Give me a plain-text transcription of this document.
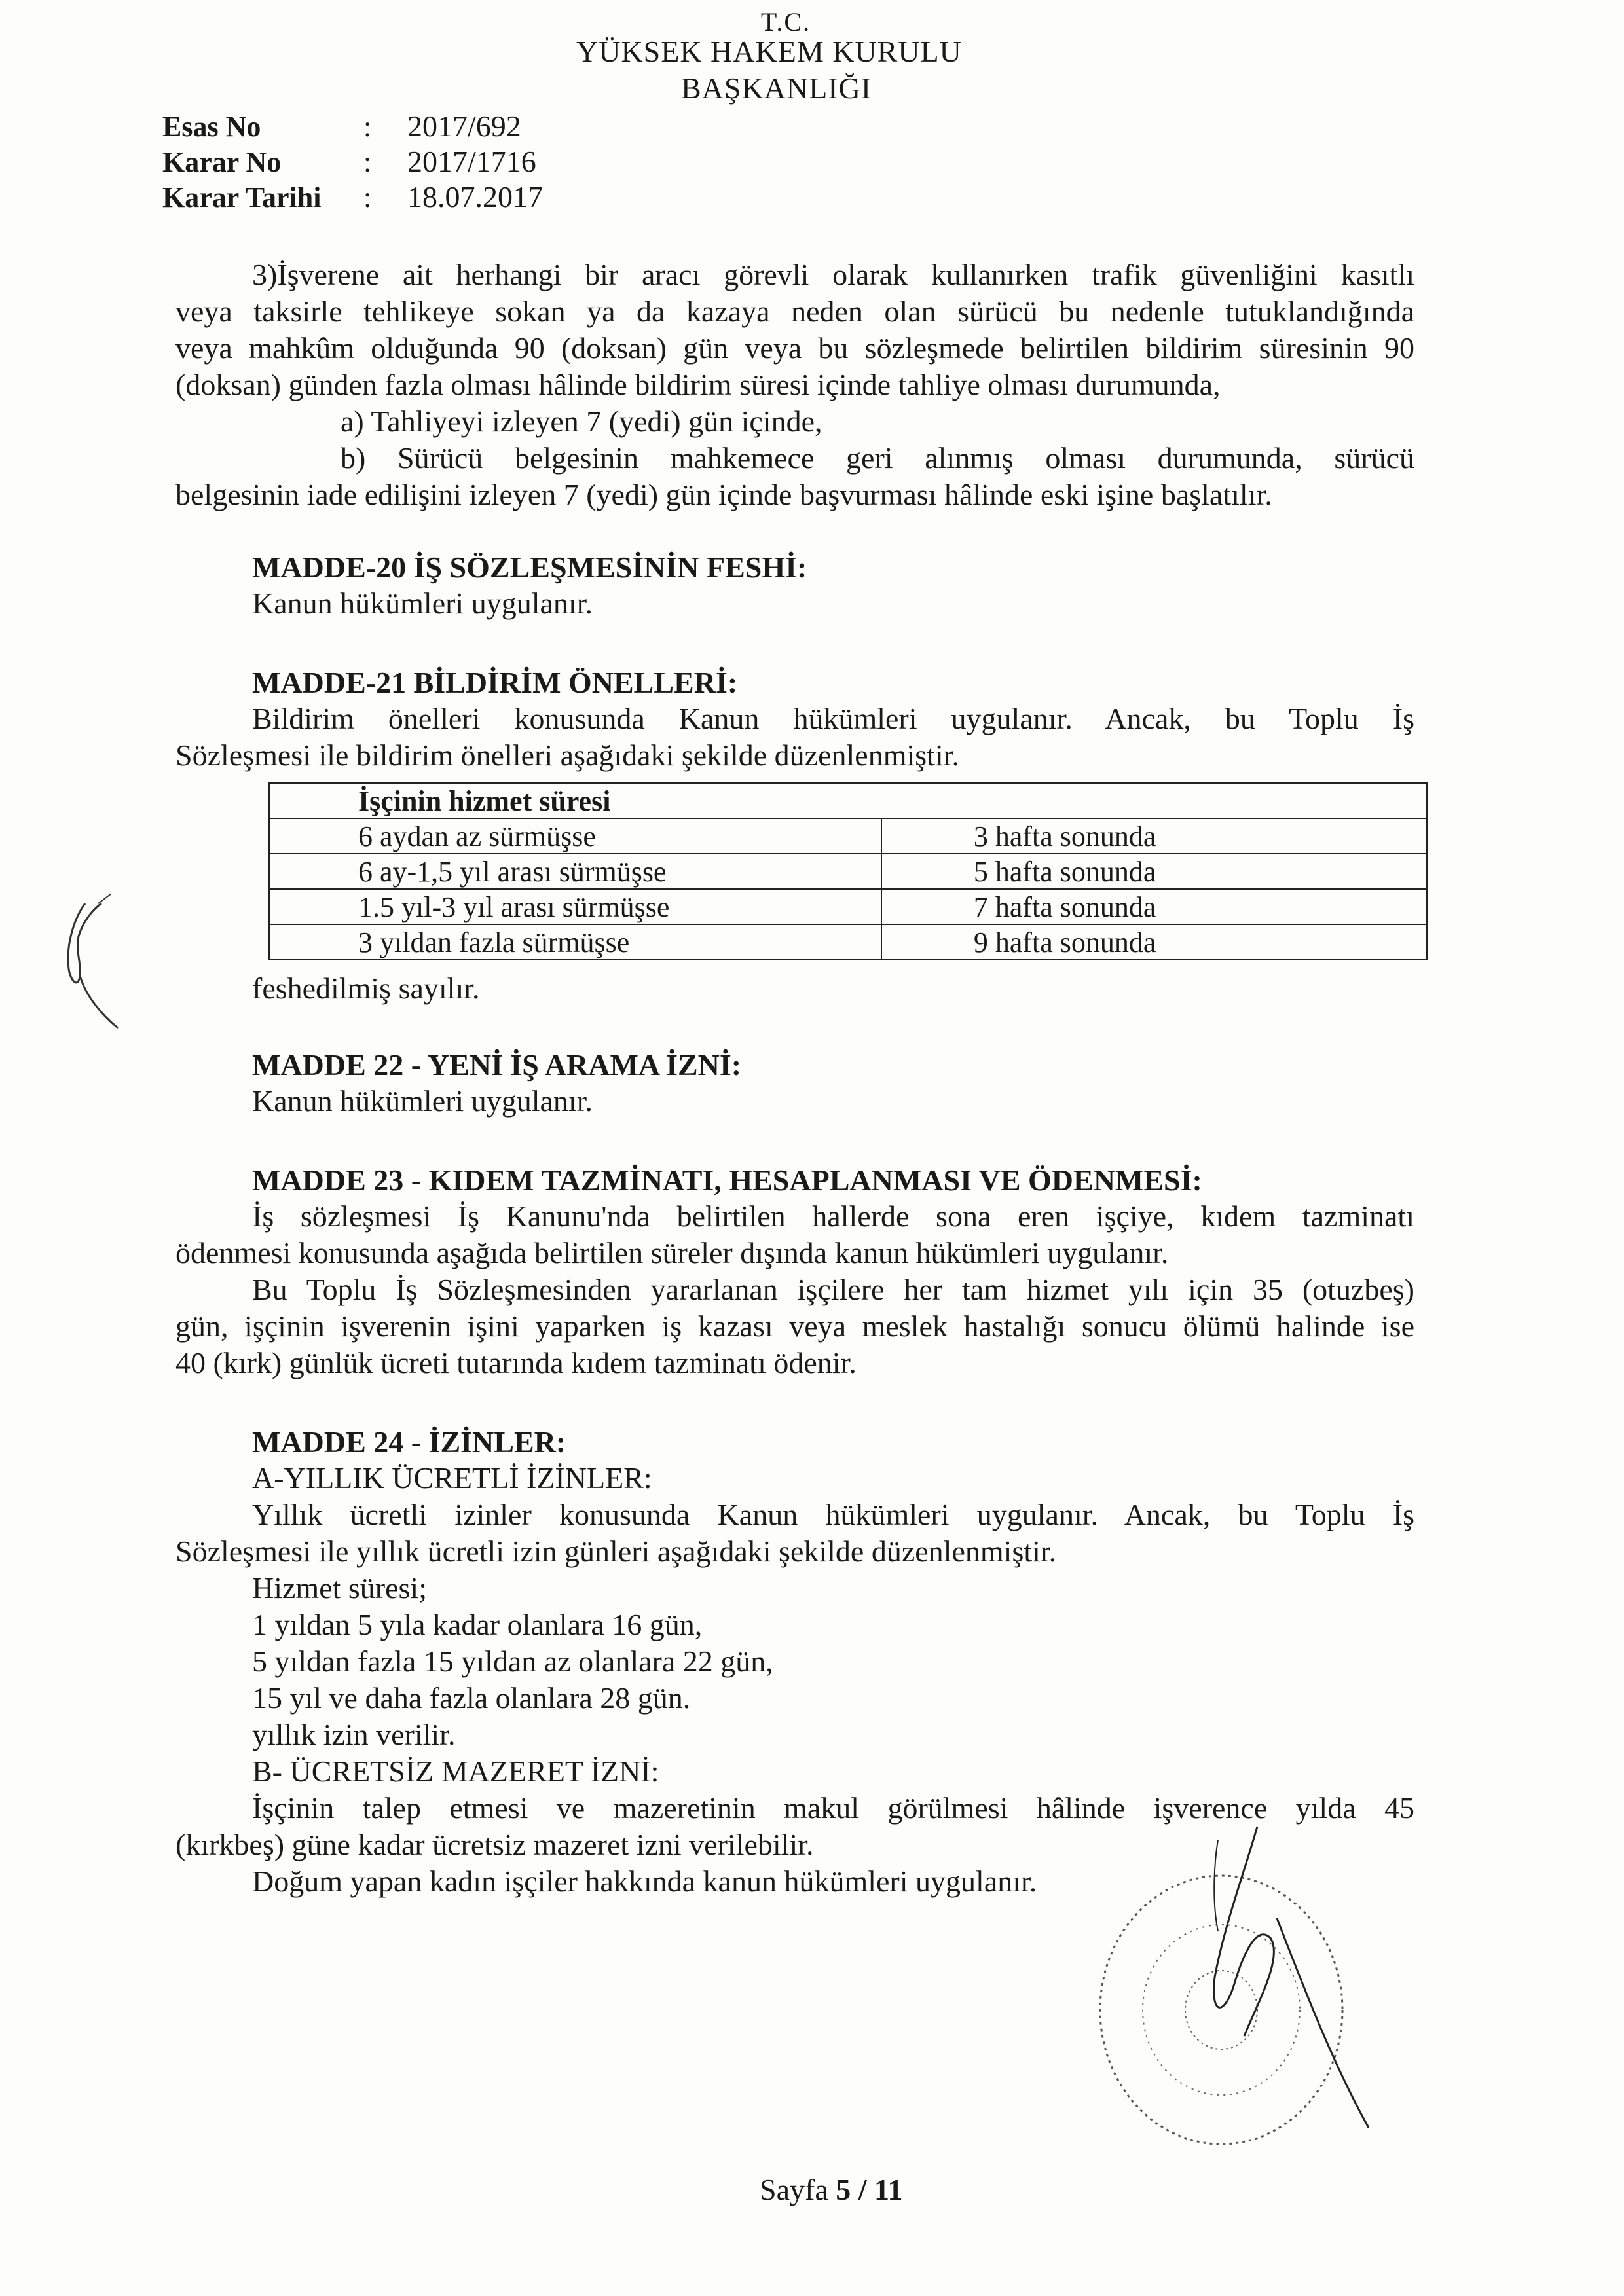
T.C.
YÜKSEK HAKEM KURULU
BAŞKANLIĞI
Esas No	: 2017/692
Karar No	: 2017/1716
Karar Tarihi : 18.07.2017
3)İşverene ait herhangi bir aracı görevli olarak kullanırken trafik güvenliğini kasıtlı
veya taksirle tehlikeye sokan ya da kazaya neden olan sürücü bu nedenle tutuklandığında
veya mahkûm olduğunda 90 (doksan) gün veya bu sözleşmede belirtilen bildirim süresinin 90
(doksan) günden fazla olması hâlinde bildirim süresi içinde tahliye olması durumunda,
a) Tahliyeyi izleyen 7 (yedi) gün içinde,
b) Sürücü belgesinin mahkemece geri alınmış olması durumunda, sürücü
belgesinin iade edilişini izleyen 7 (yedi) gün içinde başvurması hâlinde eski işine başlatılır.
MADDE-20 İŞ SÖZLEŞMESİNİN FESHİ:
Kanun hükümleri uygulanır.
MADDE-21 BİLDİRİM ÖNELLERİ:
Bildirim önelleri konusunda Kanun hükümleri uygulanır. Ancak, bu Toplu İş
Sözleşmesi ile bildirim önelleri aşağıdaki şekilde düzenlenmiştir.
İşçinin hizmet süresi	
6 aydan az sürmüşse	3 hafta sonunda
6 ay-1,5 yıl arası sürmüşse	5 hafta sonunda
1.5 yıl-3 yıl arası sürmüşse	7 hafta sonunda
3 yıldan fazla sürmüşse	9 hafta sonunda
feshedilmiş sayılır.
MADDE 22 - YENİ İŞ ARAMA İZNİ:
Kanun hükümleri uygulanır.
MADDE 23 - KIDEM TAZMİNATI, HESAPLANMASI VE ÖDENMESİ:
İş sözleşmesi İş Kanunu'nda belirtilen hallerde sona eren işçiye, kıdem tazminatı
ödenmesi konusunda aşağıda belirtilen süreler dışında kanun hükümleri uygulanır.
Bu Toplu İş Sözleşmesinden yararlanan işçilere her tam hizmet yılı için 35 (otuzbeş)
gün, işçinin işverenin işini yaparken iş kazası veya meslek hastalığı sonucu ölümü halinde ise
40 (kırk) günlük ücreti tutarında kıdem tazminatı ödenir.
MADDE 24 - İZİNLER:
A-YILLIK ÜCRETLİ İZİNLER:
Yıllık ücretli izinler konusunda Kanun hükümleri uygulanır. Ancak, bu Toplu İş
Sözleşmesi ile yıllık ücretli izin günleri aşağıdaki şekilde düzenlenmiştir.
Hizmet süresi;
1 yıldan 5 yıla kadar olanlara 16 gün,
5 yıldan fazla 15 yıldan az olanlara 22 gün,
15 yıl ve daha fazla olanlara 28 gün.
yıllık izin verilir.
B- ÜCRETSİZ MAZERET İZNİ:
İşçinin talep etmesi ve mazeretinin makul görülmesi hâlinde işverence yılda 45
(kırkbeş) güne kadar ücretsiz mazeret izni verilebilir.
Doğum yapan kadın işçiler hakkında kanun hükümleri uygulanır.
Sayfa 5 / 11
